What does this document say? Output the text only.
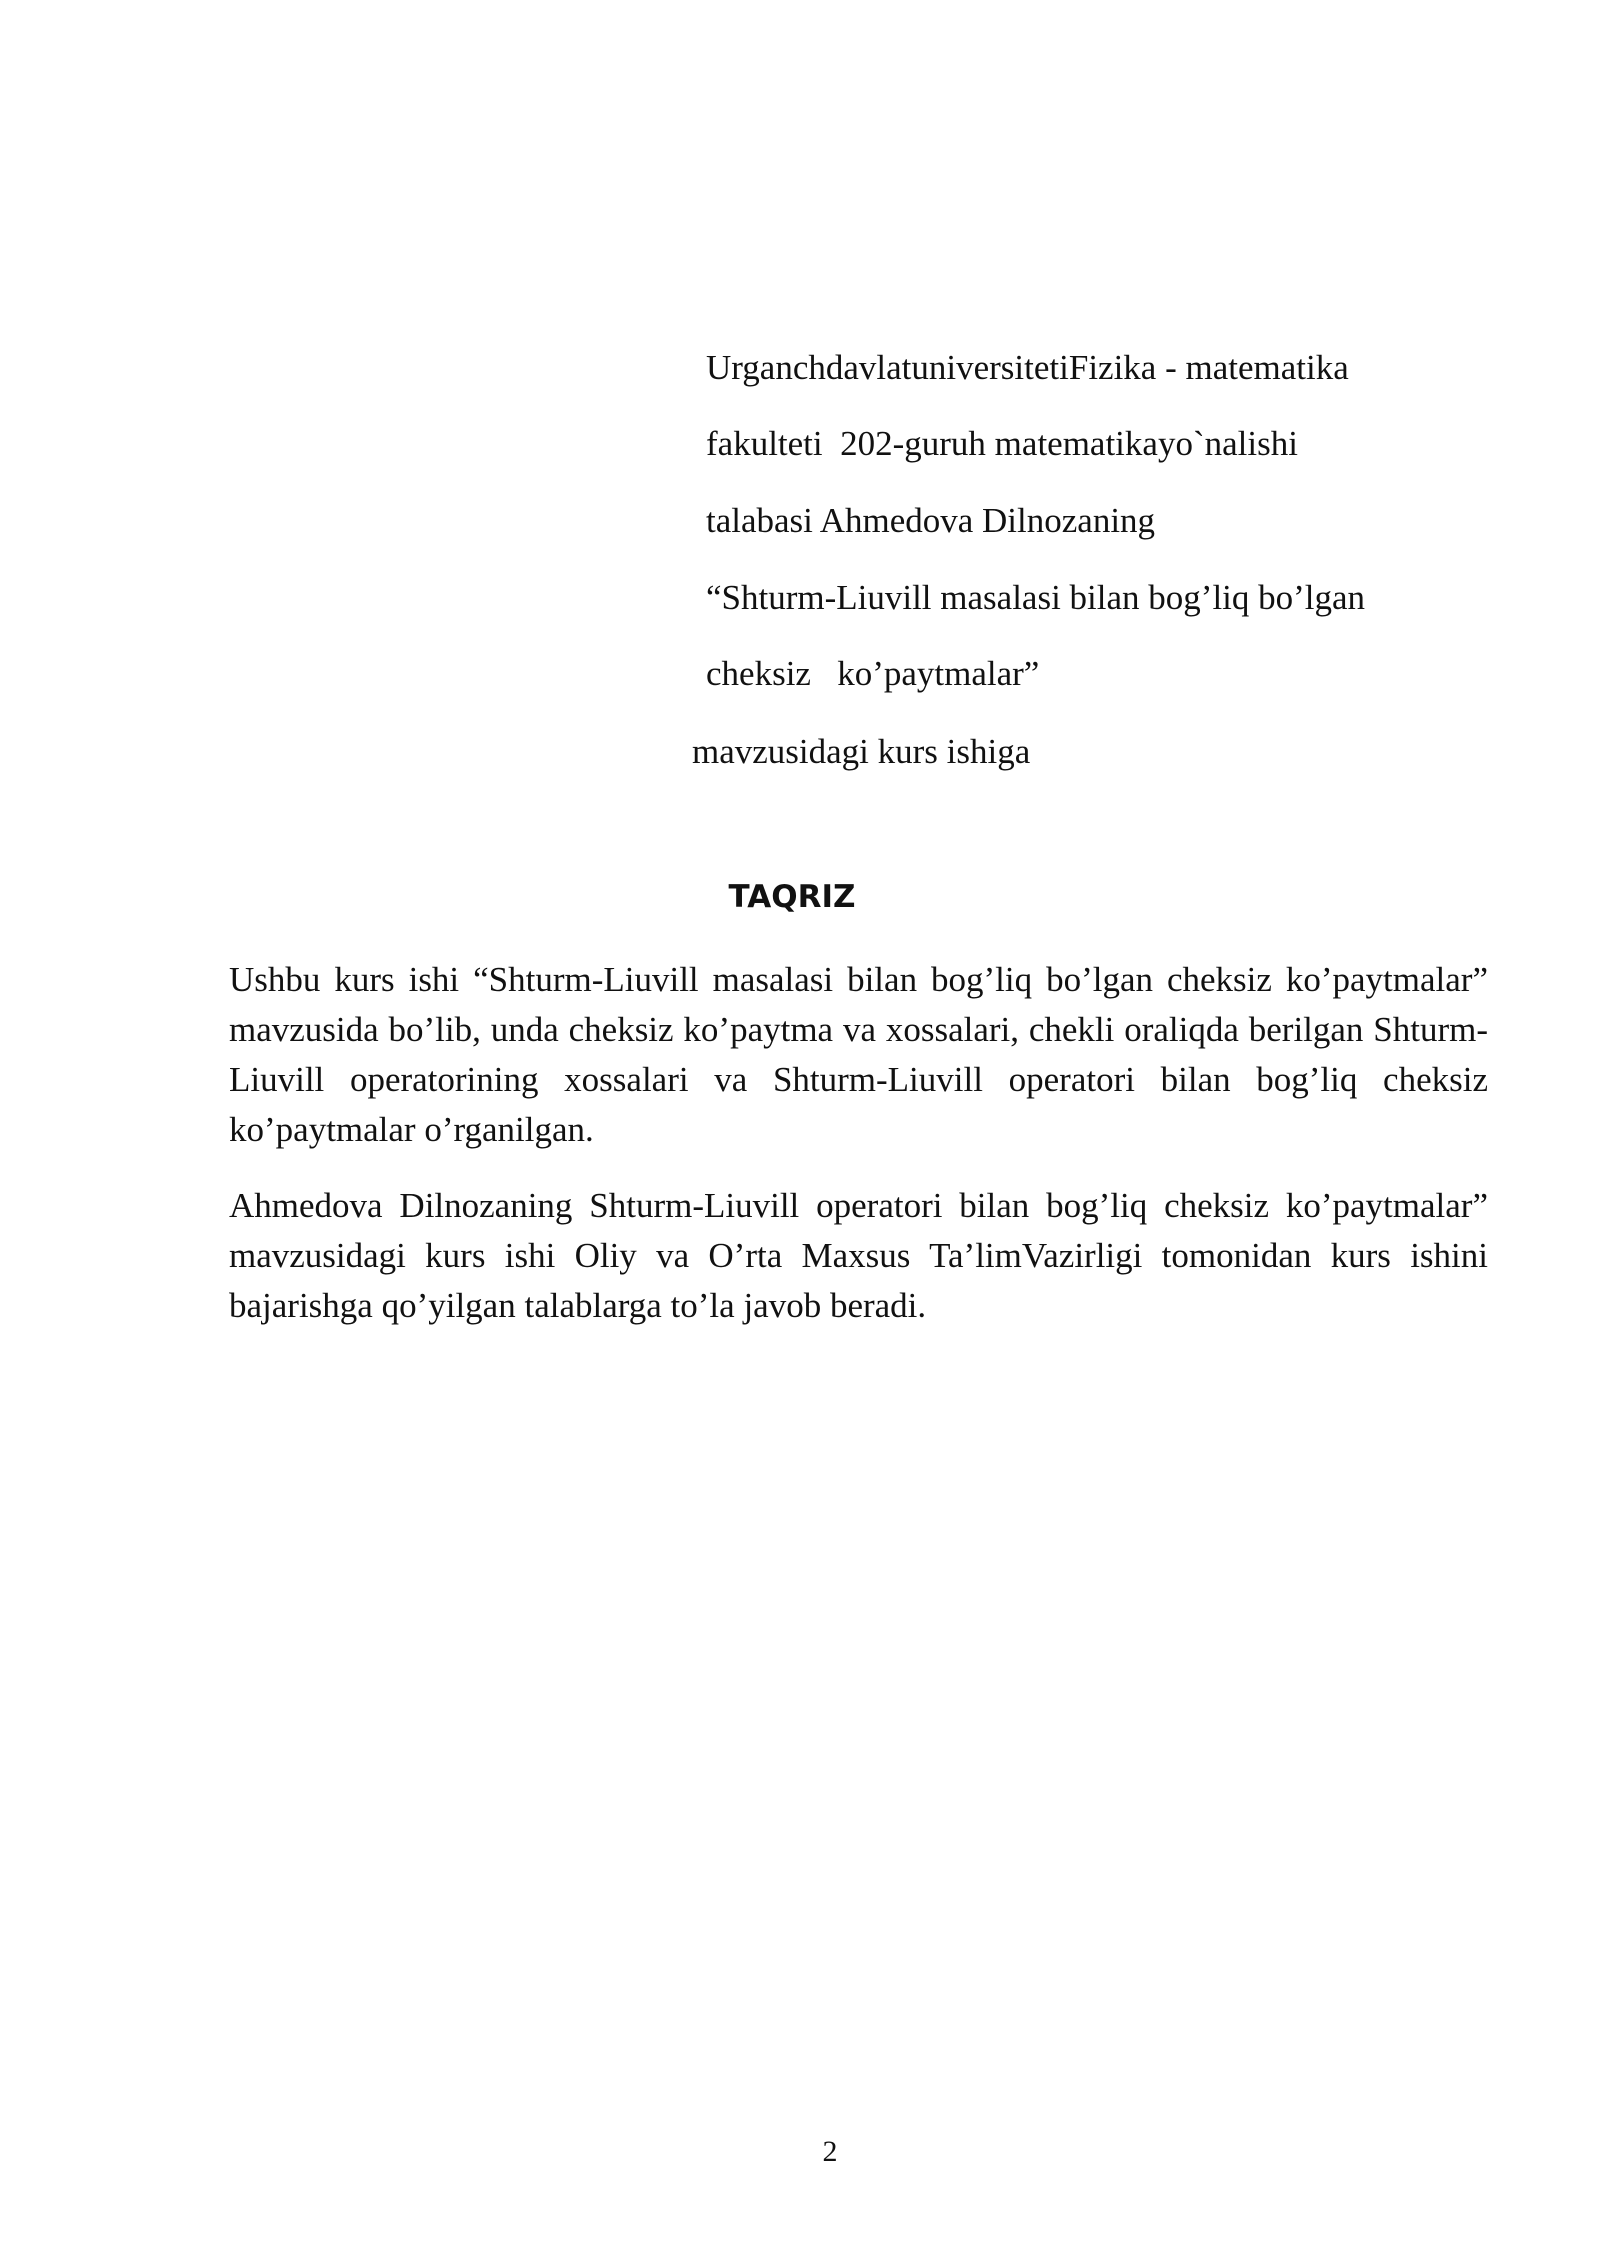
UrganchdavlatuniversitetiFizika - matematika
fakulteti  202-guruh matematikayo`nalishi
talabasi Ahmedova Dilnozaning
“Shturm-Liuvill masalasi bilan bog’liq bo’lgan
cheksiz   ko’paytmalar”
mavzusidagi kurs ishiga
TAQRIZ

Ushbu kurs ishi “Shturm-Liuvill masalasi bilan bog’liq bo’lgan cheksiz ko’paytmalar” mavzusida bo’lib, unda cheksiz ko’paytma va xossalari, chekli oraliqda berilgan Shturm-Liuvill operatorining xossalari va Shturm-Liuvill operatori bilan bog’liq cheksiz ko’paytmalar o’rganilgan.

Ahmedova Dilnozaning Shturm-Liuvill operatori bilan bog’liq cheksiz ko’paytmalar” mavzusidagi kurs ishi Oliy va O’rta Maxsus Ta’limVazirligi tomonidan kurs ishini bajarishga qo’yilgan talablarga to’la javob beradi.

2
